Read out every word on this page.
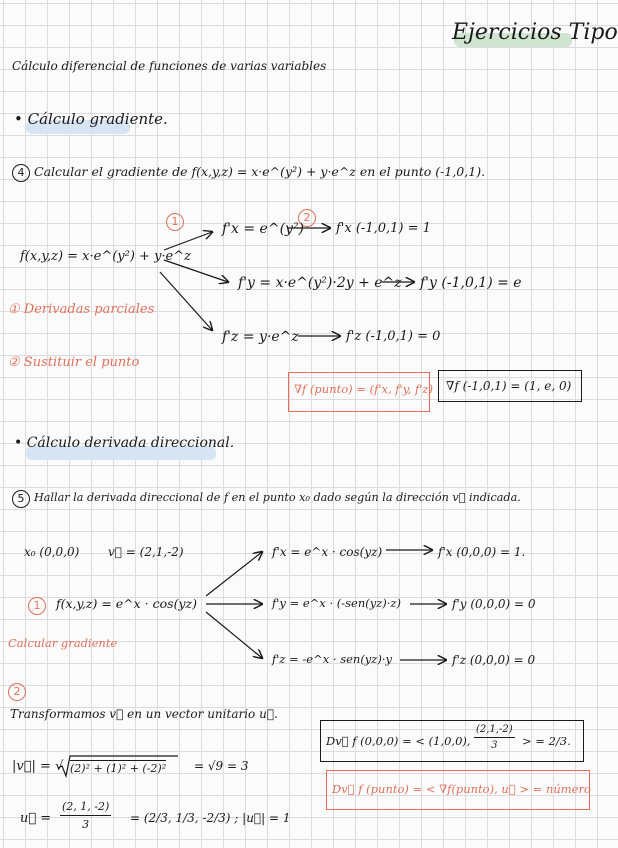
Ejercicios Tipo
Cálculo diferencial de funciones de varias variables
• Cálculo gradiente.
4 Calcular el gradiente de f(x,y,z) = x·e^(y²) + y·e^z en el punto (-1,0,1).
f(x,y,z) = x·e^(y²) + y·e^z
1	2
f'x = e^(y²)
f'y = x·e^(y²)·2y + e^z
f'z = y·e^z
f'x (-1,0,1) = 1
f'y (-1,0,1) = e
f'z (-1,0,1) = 0
① Derivadas parciales
② Sustituir el punto
∇f (punto) = (f'x, f'y, f'z) ∇f (-1,0,1) = (1, e, 0)
• Cálculo derivada direccional.
5 Hallar la derivada direccional de f en el punto x₀ dado según la dirección v⃗ indicada.
x₀ (0,0,0) v⃗ = (2,1,-2)
1	f(x,y,z) = e^x · cos(yz)
Calcular gradiente
f'x = e^x · cos(yz)
f'y = e^x · (-sen(yz)·z)
f'z = -e^x · sen(yz)·y
f'x (0,0,0) = 1.
f'y (0,0,0) = 0
f'z (0,0,0) = 0
2
Transformamos v⃗ en un vector unitario u⃗.
Dv⃗ f (0,0,0) = < (1,0,0), $\frac{(2,1,-2)}{3}$ > = 2/3.
|v⃗| = √ (2)² + (1)² + (-2)² = √9 = 3
Dv⃗ f (punto) = < ∇f(punto), u⃗ > = número
u⃗ = $\frac{(2, 1, -2)}{3} = (2/3$, 1/3, -2/3) ; |u⃗| = 1
